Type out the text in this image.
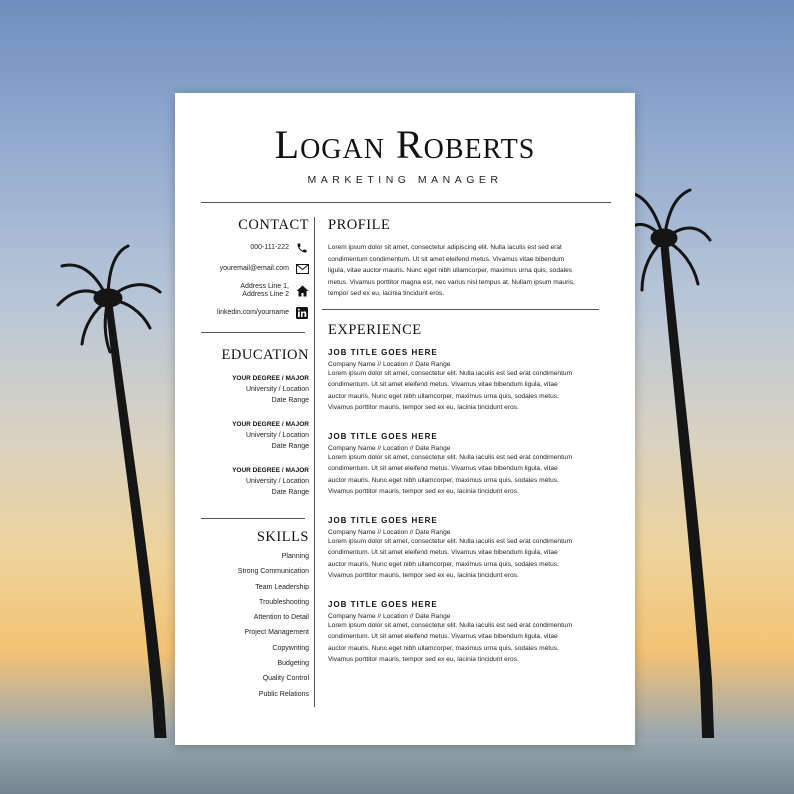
Logan Roberts
MARKETING MANAGER
CONTACT
000-111-222
youremail@email.com
Address Line 1,
Address Line 2
linkedin.com/yourname
EDUCATION
YOUR DEGREE / MAJOR
University / Location
Date Range
YOUR DEGREE / MAJOR
University / Location
Date Range
YOUR DEGREE / MAJOR
University / Location
Date Range
SKILLS
Planning
Strong Communication
Team Leadership
Troubleshooting
Attention to Detail
Project Management
Copywriting
Budgeting
Quality Control
Public Relations
PROFILE
Lorem ipsum dolor sit amet, consectetur adipiscing elit. Nulla iaculis est sed erat
condimentum condimentum. Ut sit amet eleifend metus. Vivamus vitae bibendum
ligula, vitae auctor mauris. Nunc eget nibh ullamcorper, maximus urna quis, sodales
metus. Vivamus porttitor magna est, nec varius nisl tempus at. Nullam ipsum mauris,
tempor sed ex eu, lacinia tincidunt eros.
EXPERIENCE
JOB TITLE GOES HERE
Company Name // Location // Date Range
Lorem ipsum dolor sit amet, consectetur elit. Nulla iaculis est sed erat condimentum
condimentum. Ut sit amet eleifend metus. Vivamus vitae bibendum ligula, vitae
auctor mauris. Nunc eget nibh ullamcorper, maximus urna quis, sodales metus.
Vivamus porttitor mauris, tempor sed ex eu, lacinia tincidunt eros.
JOB TITLE GOES HERE
Company Name // Location // Date Range
Lorem ipsum dolor sit amet, consectetur elit. Nulla iaculis est sed erat condimentum
condimentum. Ut sit amet eleifend metus. Vivamus vitae bibendum ligula, vitae
auctor mauris. Nunc eget nibh ullamcorper, maximus urna quis, sodales metus.
Vivamus porttitor mauris, tempor sed ex eu, lacinia tincidunt eros.
JOB TITLE GOES HERE
Company Name // Location // Date Range
Lorem ipsum dolor sit amet, consectetur elit. Nulla iaculis est sed erat condimentum
condimentum. Ut sit amet eleifend metus. Vivamus vitae bibendum ligula, vitae
auctor mauris. Nunc eget nibh ullamcorper, maximus urna quis, sodales metus.
Vivamus porttitor mauris, tempor sed ex eu, lacinia tincidunt eros.
JOB TITLE GOES HERE
Company Name // Location // Date Range
Lorem ipsum dolor sit amet, consectetur elit. Nulla iaculis est sed erat condimentum
condimentum. Ut sit amet eleifend metus. Vivamus vitae bibendum ligula, vitae
auctor mauris. Nunc eget nibh ullamcorper, maximus urna quis, sodales metus.
Vivamus porttitor mauris, tempor sed ex eu, lacinia tincidunt eros.
